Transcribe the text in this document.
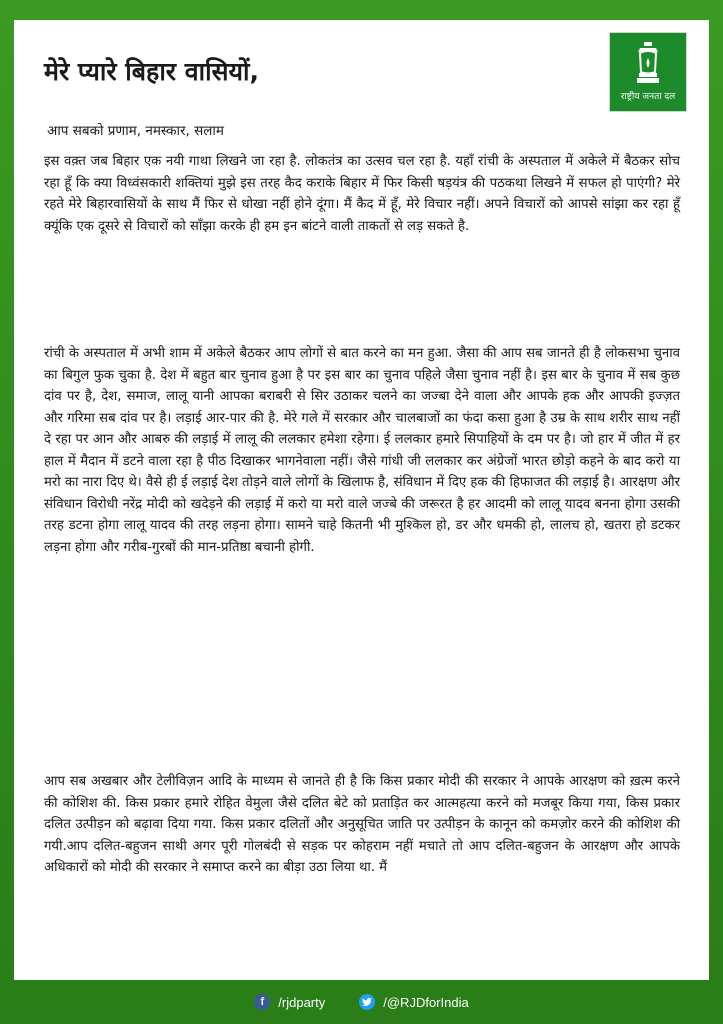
राष्ट्रीय जनता दल
मेरे प्यारे बिहार वासियों,
आप सबको प्रणाम, नमस्कार, सलाम
इस वक़्त जब बिहार एक नयी गाथा लिखने जा रहा है. लोकतंत्र का उत्सव चल रहा है. यहाँ रांची के अस्पताल में अकेले में बैठकर सोच रहा हूँ कि क्या विध्वंसकारी शक्तियां मुझे इस तरह कैद कराके बिहार में फिर किसी षड़यंत्र की पठकथा लिखने में सफल हो पाएंगी? मेरे रहते मेरे बिहारवासियों के साथ मैं फिर से धोखा नहीं होने दूंगा। मैं कैद में हूँ, मेरे विचार नहीं। अपने विचारों को आपसे सांझा कर रहा हूँ क्यूंकि एक दूसरे से विचारों को साँझा करके ही हम इन बांटने वाली ताकतों से लड़ सकते है.
रांची के अस्पताल में अभी शाम में अकेले बैठकर आप लोगों से बात करने का मन हुआ. जैसा की आप सब जानते ही है लोकसभा चुनाव का बिगुल फुक चुका है. देश में बहुत बार चुनाव हुआ है पर इस बार का चुनाव पहिले जैसा चुनाव नहीं है। इस बार के चुनाव में सब कुछ दांव पर है, देश, समाज, लालू यानी आपका बराबरी से सिर उठाकर चलने का जज्बा देने वाला और आपके हक और आपकी इज्ज़त और गरिमा सब दांव पर है। लड़ाई आर-पार की है. मेरे गले में सरकार और चालबाजों का फंदा कसा हुआ है उम्र के साथ शरीर साथ नहीं दे रहा पर आन और आबरु की लड़ाई में लालू की ललकार हमेशा रहेगा। ई ललकार हमारे सिपाहियों के दम पर है। जो हार में जीत में हर हाल में मैदान में डटने वाला रहा है पीठ दिखाकर भागनेवाला नहीं। जैसे गांधी जी ललकार कर अंग्रेजों भारत छोड़ो कहने के बाद करो या मरो का नारा दिए थे। वैसे ही ई लड़ाई देश तोड़ने वाले लोगों के खिलाफ है, संविधान में दिए हक की हिफाजत की लड़ाई है। आरक्षण और संविधान विरोधी नरेंद्र मोदी को खदेड़ने की लड़ाई में करो या मरो वाले जज्बे की जरूरत है हर आदमी को लालू यादव बनना होगा उसकी तरह डटना होगा लालू यादव की तरह लड़ना होगा। सामने चाहे कितनी भी मुश्किल हो, डर और धमकी हो, लालच हो, खतरा हो डटकर लड़ना होगा और गरीब-गुरबों की मान-प्रतिष्ठा बचानी होगी.
आप सब अखबार और टेलीविज़न आदि के माध्यम से जानते ही है कि किस प्रकार मोदी की सरकार ने आपके आरक्षण को ख़त्म करने की कोशिश की. किस प्रकार हमारे रोहित वेमुला जैसे दलित बेटे को प्रताड़ित कर आत्महत्या करने को मजबूर किया गया, किस प्रकार दलित उत्पीड़न को बढ़ावा दिया गया. किस प्रकार दलितों और अनुसूचित जाति पर उत्पीड़न के कानून को कमज़ोर करने की कोशिश की गयी.आप दलित-बहुजन साथी अगर पूरी गोलबंदी से सड़क पर कोहराम नहीं मचाते तो आप दलित-बहुजन के आरक्षण और आपके अधिकारों को मोदी की सरकार ने समाप्त करने का बीड़ा उठा लिया था. मैं
f	/rjdparty	/@RJDforIndia
